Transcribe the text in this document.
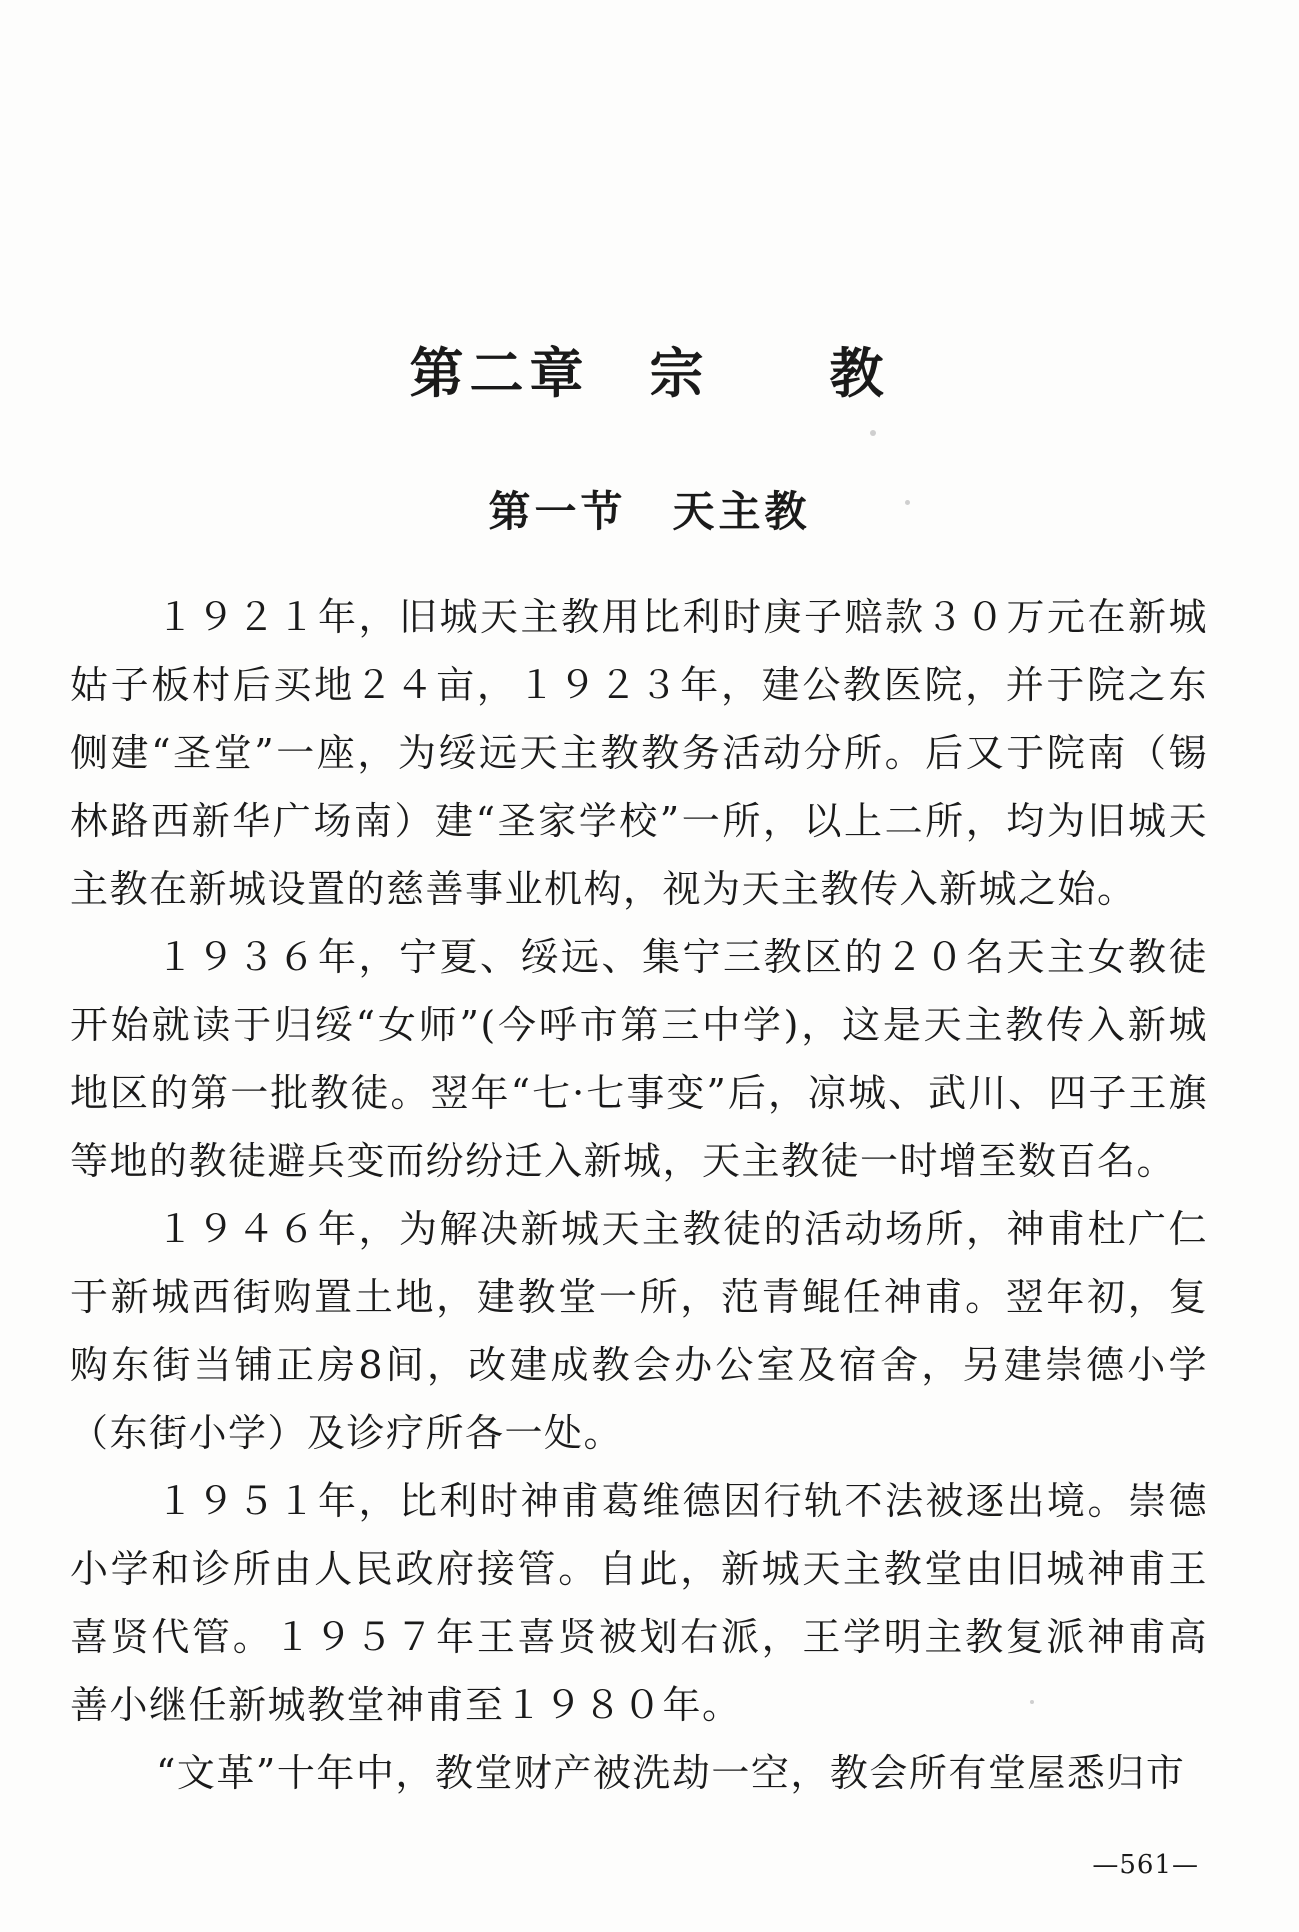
第二章　宗　　教
第一节　天主教

１９２１年，旧城天主教用比利时庚子赔款３０万元在新城姑子板村后买地２４亩，１９２３年，建公教医院，并于院之东侧建“圣堂”一座，为绥远天主教教务活动分所。后又于院南（锡林路西新华广场南）建“圣家学校”一所，以上二所，均为旧城天主教在新城设置的慈善事业机构，视为天主教传入新城之始。

１９３６年，宁夏、绥远、集宁三教区的２０名天主女教徒开始就读于归绥“女师”(今呼市第三中学)，这是天主教传入新城地区的第一批教徒。翌年“七·七事变”后，凉城、武川、四子王旗等地的教徒避兵变而纷纷迁入新城，天主教徒一时增至数百名。

１９４６年，为解决新城天主教徒的活动场所，神甫杜广仁于新城西街购置土地，建教堂一所，范青鲲任神甫。翌年初，复购东街当铺正房8间，改建成教会办公室及宿舍，另建崇德小学（东街小学）及诊疗所各一处。

１９５１年，比利时神甫葛维德因行轨不法被逐出境。崇德小学和诊所由人民政府接管。自此，新城天主教堂由旧城神甫王喜贤代管。１９５７年王喜贤被划右派，王学明主教复派神甫高善小继任新城教堂神甫至１９８０年。

“文革”十年中，教堂财产被洗劫一空，教会所有堂屋悉归市

—561—
